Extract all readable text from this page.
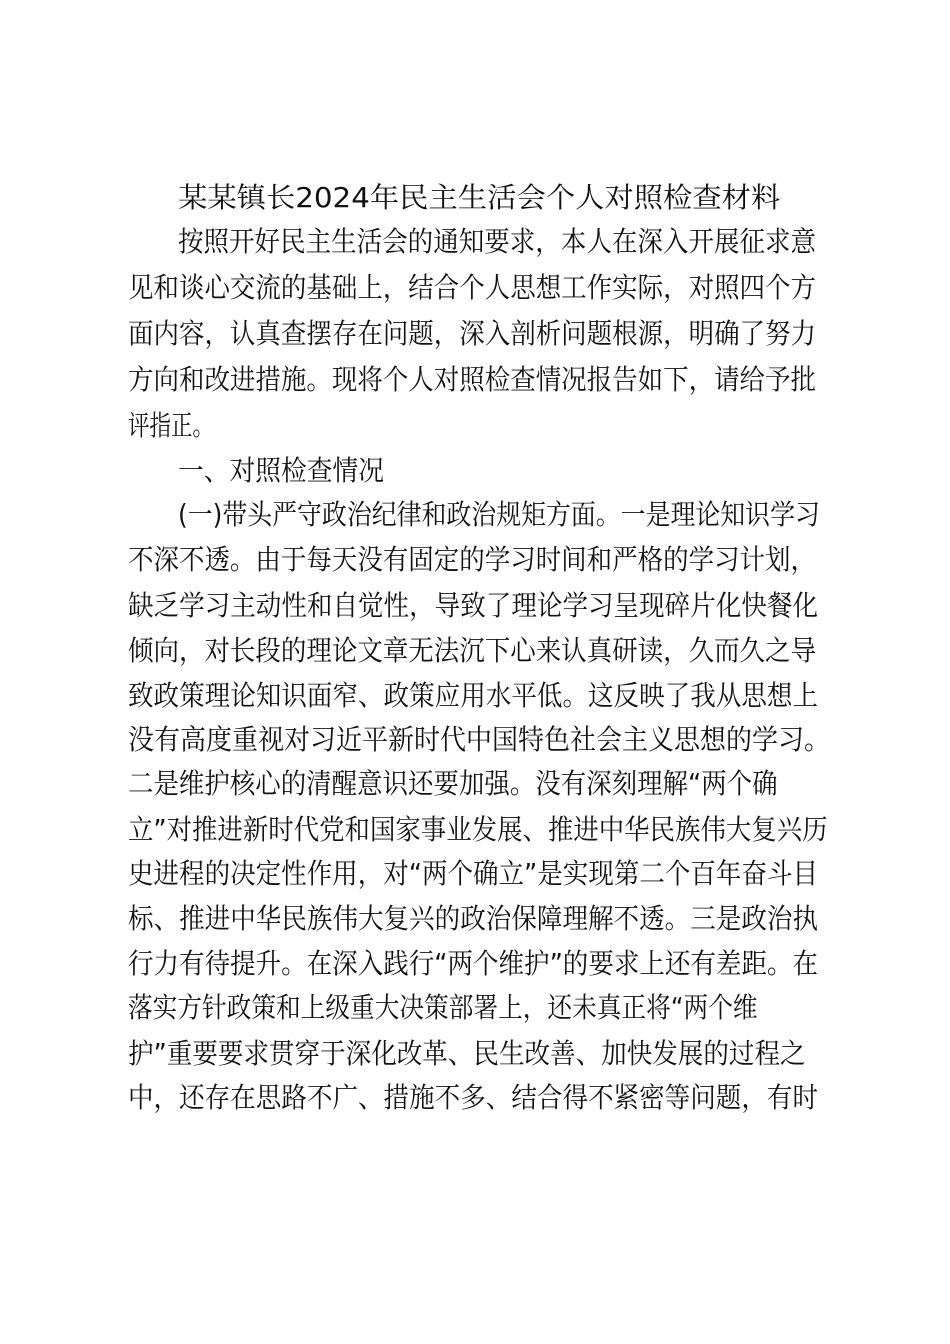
某某镇长2024年民主生活会个人对照检查材料

按照开好民主生活会的通知要求，本人在深入开展征求意

见和谈心交流的基础上，结合个人思想工作实际，对照四个方

面内容，认真查摆存在问题，深入剖析问题根源，明确了努力

方向和改进措施。现将个人对照检查情况报告如下，请给予批

评指正。

一、对照检查情况

(一)带头严守政治纪律和政治规矩方面。一是理论知识学习

不深不透。由于每天没有固定的学习时间和严格的学习计划，

缺乏学习主动性和自觉性，导致了理论学习呈现碎片化快餐化

倾向，对长段的理论文章无法沉下心来认真研读，久而久之导

致政策理论知识面窄、政策应用水平低。这反映了我从思想上

没有高度重视对习近平新时代中国特色社会主义思想的学习。

二是维护核心的清醒意识还要加强。没有深刻理解“两个确

立”对推进新时代党和国家事业发展、推进中华民族伟大复兴历

史进程的决定性作用，对“两个确立”是实现第二个百年奋斗目

标、推进中华民族伟大复兴的政治保障理解不透。三是政治执

行力有待提升。在深入践行“两个维护”的要求上还有差距。在

落实方针政策和上级重大决策部署上，还未真正将“两个维

护”重要要求贯穿于深化改革、民生改善、加快发展的过程之

中，还存在思路不广、措施不多、结合得不紧密等问题，有时
